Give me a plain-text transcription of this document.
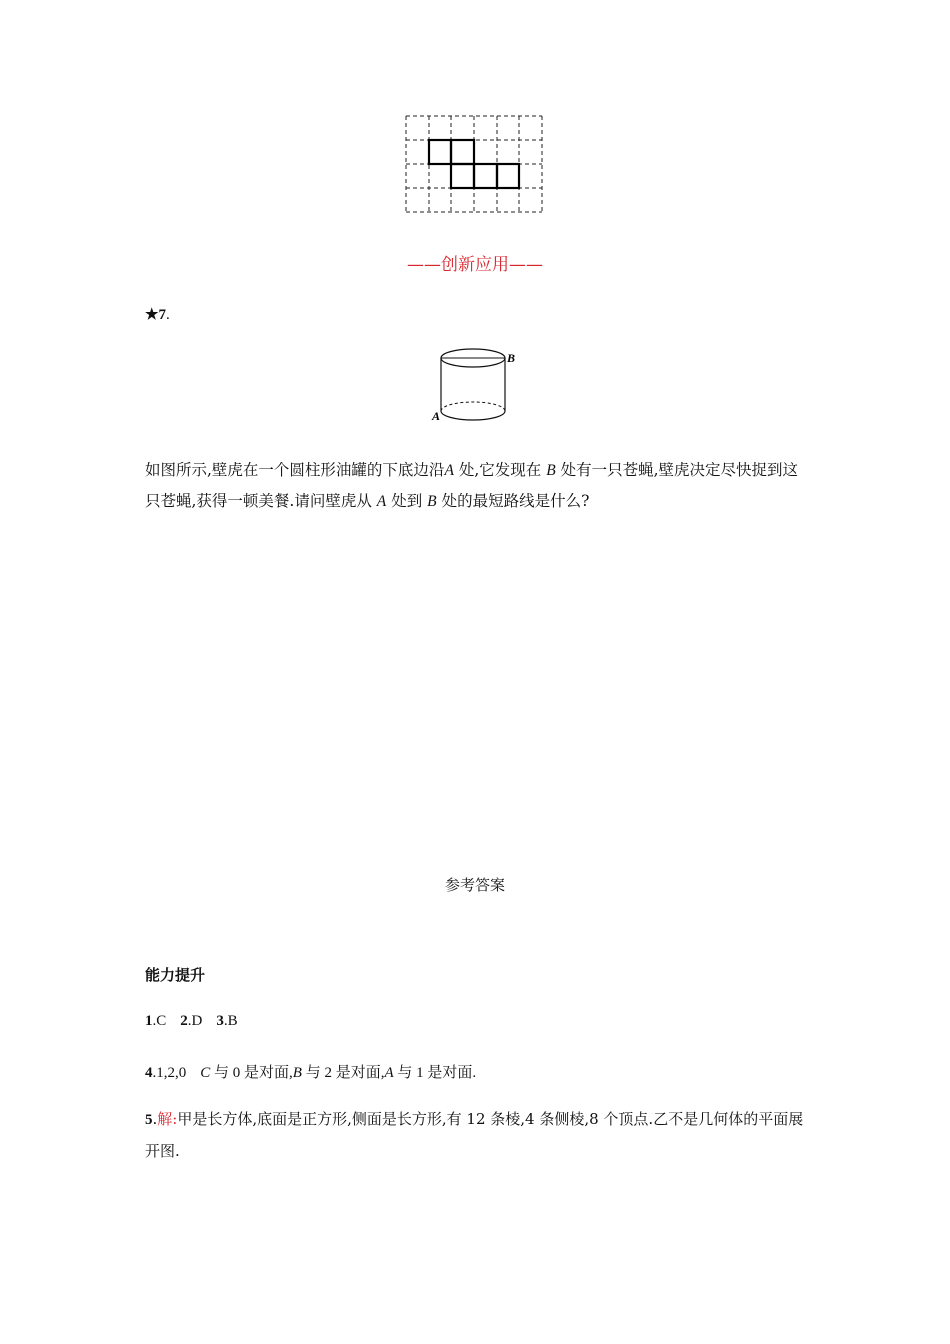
——创新应用——
★7.
B
A
如图所示,壁虎在一个圆柱形油罐的下底边沿A 处,它发现在 B 处有一只苍蝇,壁虎决定尽快捉到这只苍蝇,获得一顿美餐.请问壁虎从 A 处到 B 处的最短路线是什么?
参考答案
能力提升
1.C 2.D 3.B
4.1,2,0 C 与 0 是对面,B 与 2 是对面,A 与 1 是对面.
5.解:甲是长方体,底面是正方形,侧面是长方形,有 12 条棱,4 条侧棱,8 个顶点.乙不是几何体的平面展开图.
